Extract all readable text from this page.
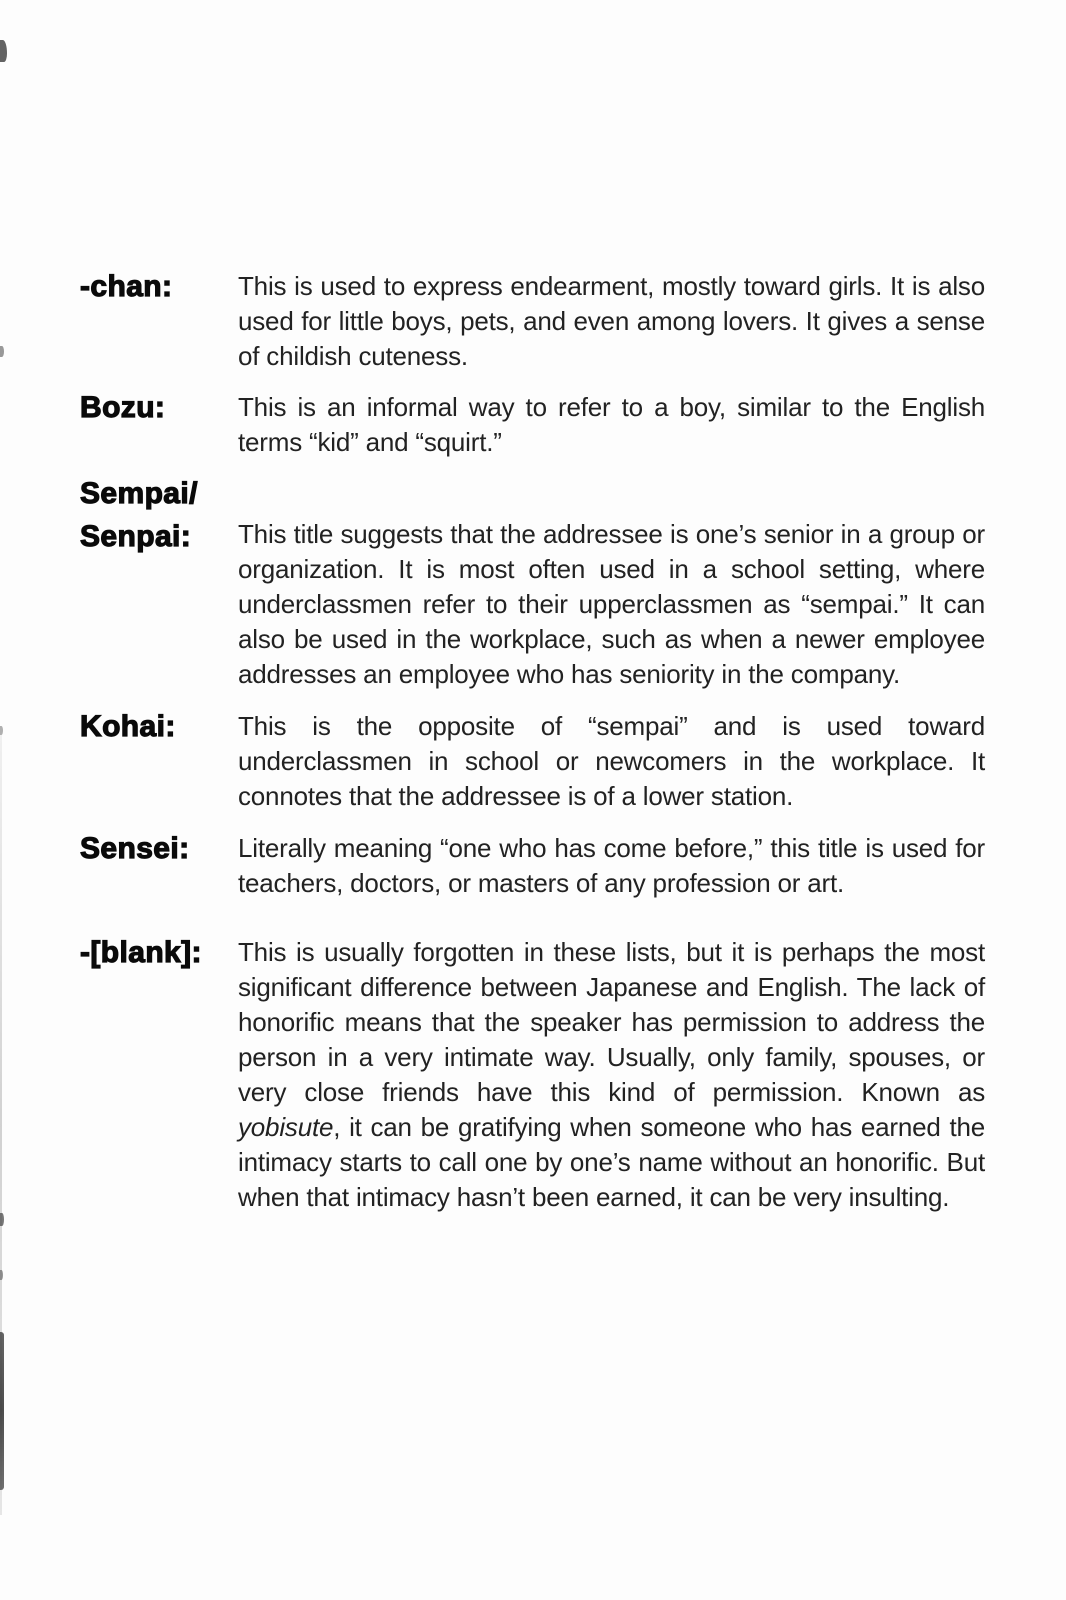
-chan:	This is used to express endearment, mostly toward girls. It is also used for little boys, pets, and even among lovers. It gives a sense of childish cuteness.
Bozu:	This is an informal way to refer to a boy, similar to the English terms “kid” and “squirt.”
Sempai/
Senpai:	This title suggests that the addressee is one’s senior in a group or organization. It is most often used in a school setting, where underclassmen refer to their upperclassmen as “sempai.” It can also be used in the workplace, such as when a newer employee addresses an employee who has seniority in the company.
Kohai:	This is the opposite of “sempai” and is used toward underclassmen in school or newcomers in the workplace. It connotes that the addressee is of a lower station.
Sensei:	Literally meaning “one who has come before,” this title is used for teachers, doctors, or masters of any profession or art.
-[blank]:	This is usually forgotten in these lists, but it is perhaps the most significant difference between Japanese and English. The lack of honorific means that the speaker has permission to address the person in a very intimate way. Usually, only family, spouses, or very close friends have this kind of permission. Known as yobisute, it can be gratifying when someone who has earned the intimacy starts to call one by one’s name without an honorific. But when that intimacy hasn’t been earned, it can be very insulting.
